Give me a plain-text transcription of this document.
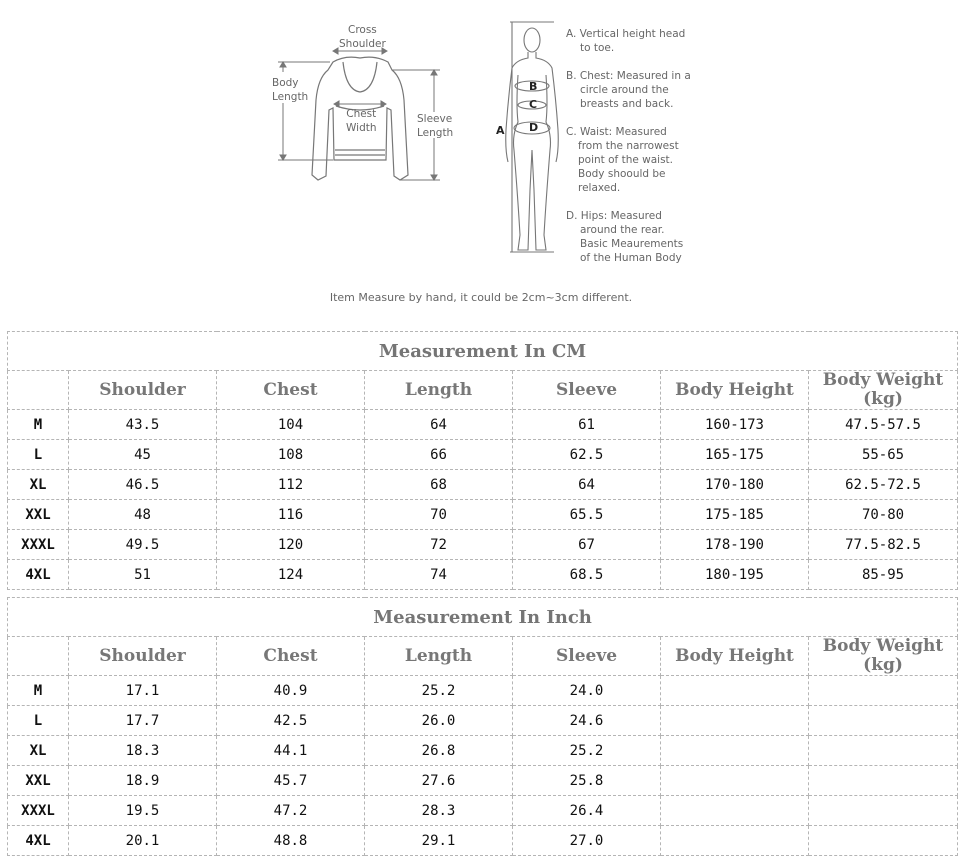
Cross
Shoulder
Body
Length
Chest
Width
Sleeve
Length	A
B
C
D
A. Vertical height head
to toe.
B. Chest: Measured in a
circle around the
breasts and back.
C. Waist: Measured
from the narrowest
point of the waist.
Body shoould be
relaxed.
D. Hips: Measured
around the rear.
Basic Meaurements
of the Human Body
Item Measure by hand, it could be 2cm~3cm different.
Measurement In CM						
	Shoulder	Chest	Length	Sleeve	Body Height	Body Weight (kg)
M	43.5	104	64	61	160-173	47.5-57.5
L	45	108	66	62.5	165-175	55-65
XL	46.5	112	68	64	170-180	62.5-72.5
XXL	48	116	70	65.5	175-185	70-80
XXXL	49.5	120	72	67	178-190	77.5-82.5
4XL	51	124	74	68.5	180-195	85-95
Measurement In Inch						
	Shoulder	Chest	Length	Sleeve	Body Height	Body Weight (kg)
M	17.1	40.9	25.2	24.0		
L	17.7	42.5	26.0	24.6		
XL	18.3	44.1	26.8	25.2		
XXL	18.9	45.7	27.6	25.8		
XXXL	19.5	47.2	28.3	26.4		
4XL	20.1	48.8	29.1	27.0		
